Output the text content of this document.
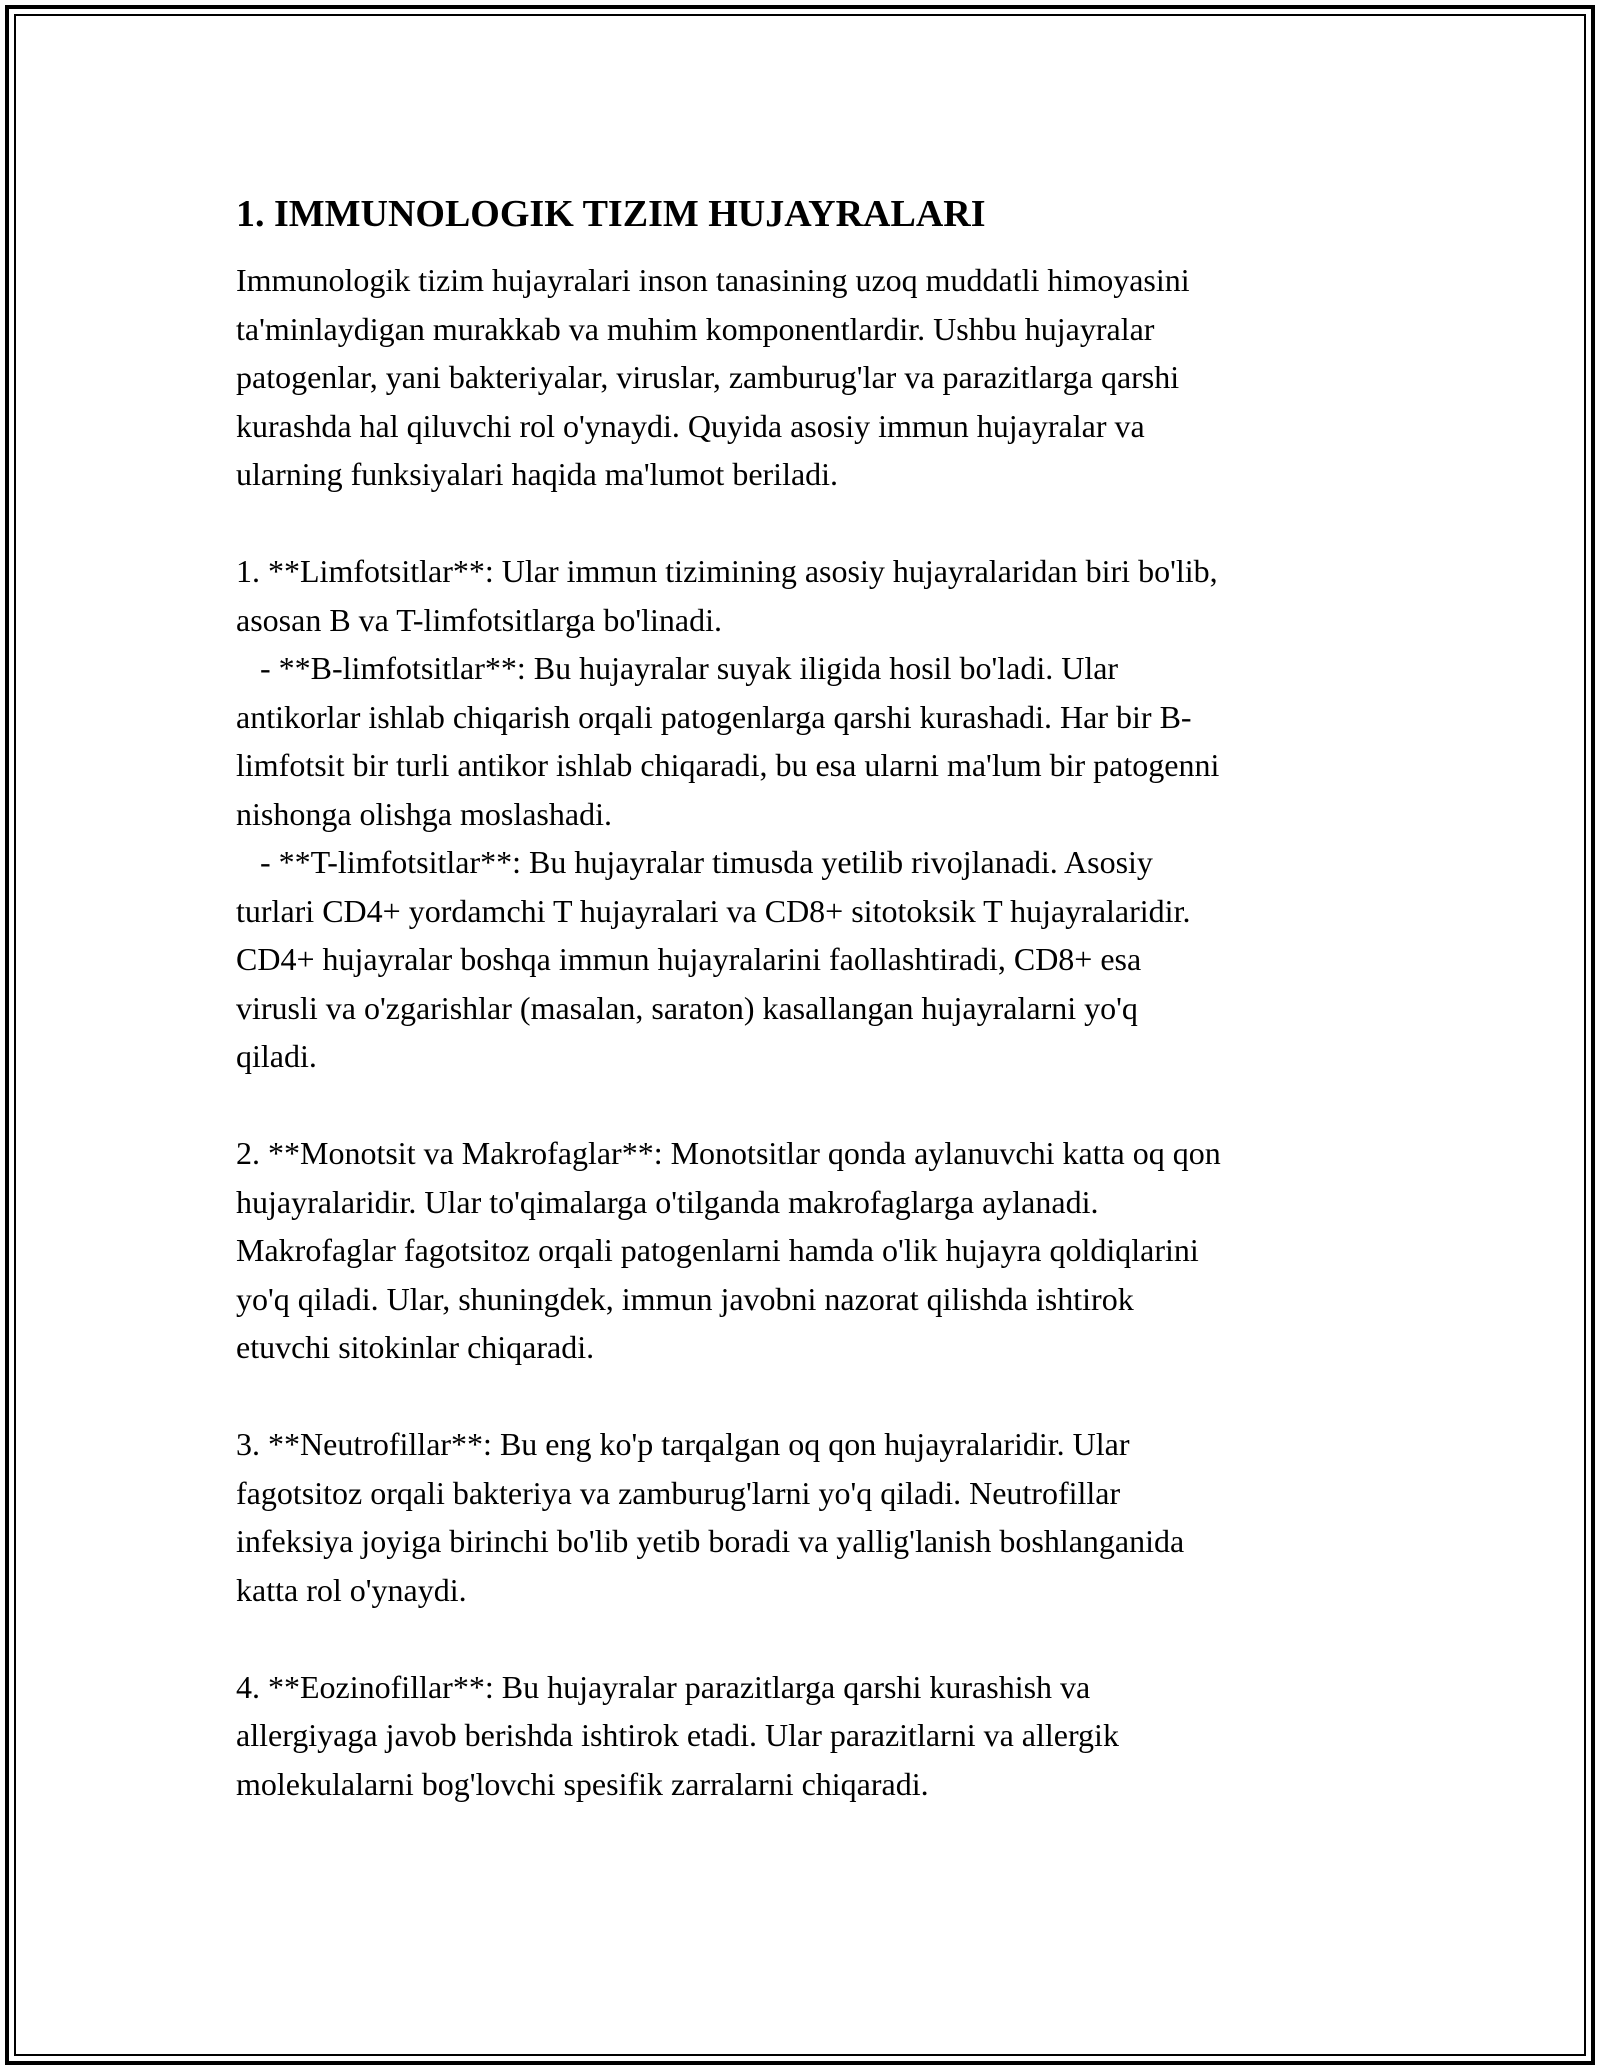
1. IMMUNOLOGIK TIZIM HUJAYRALARI
Immunologik tizim hujayralari inson tanasining uzoq muddatli himoyasini
ta'minlaydigan murakkab va muhim komponentlardir. Ushbu hujayralar
patogenlar, yani bakteriyalar, viruslar, zamburug'lar va parazitlarga qarshi
kurashda hal qiluvchi rol o'ynaydi. Quyida asosiy immun hujayralar va
ularning funksiyalari haqida ma'lumot beriladi.
1. **Limfotsitlar**: Ular immun tizimining asosiy hujayralaridan biri bo'lib,
asosan B va T-limfotsitlarga bo'linadi.
- **B-limfotsitlar**: Bu hujayralar suyak iligida hosil bo'ladi. Ular
antikorlar ishlab chiqarish orqali patogenlarga qarshi kurashadi. Har bir B-
limfotsit bir turli antikor ishlab chiqaradi, bu esa ularni ma'lum bir patogenni
nishonga olishga moslashadi.
- **T-limfotsitlar**: Bu hujayralar timusda yetilib rivojlanadi. Asosiy
turlari CD4+ yordamchi T hujayralari va CD8+ sitotoksik T hujayralaridir.
CD4+ hujayralar boshqa immun hujayralarini faollashtiradi, CD8+ esa
virusli va o'zgarishlar (masalan, saraton) kasallangan hujayralarni yo'q
qiladi.
2. **Monotsit va Makrofaglar**: Monotsitlar qonda aylanuvchi katta oq qon
hujayralaridir. Ular to'qimalarga o'tilganda makrofaglarga aylanadi.
Makrofaglar fagotsitoz orqali patogenlarni hamda o'lik hujayra qoldiqlarini
yo'q qiladi. Ular, shuningdek, immun javobni nazorat qilishda ishtirok
etuvchi sitokinlar chiqaradi.
3. **Neutrofillar**: Bu eng ko'p tarqalgan oq qon hujayralaridir. Ular
fagotsitoz orqali bakteriya va zamburug'larni yo'q qiladi. Neutrofillar
infeksiya joyiga birinchi bo'lib yetib boradi va yallig'lanish boshlanganida
katta rol o'ynaydi.
4. **Eozinofillar**: Bu hujayralar parazitlarga qarshi kurashish va
allergiyaga javob berishda ishtirok etadi. Ular parazitlarni va allergik
molekulalarni bog'lovchi spesifik zarralarni chiqaradi.
